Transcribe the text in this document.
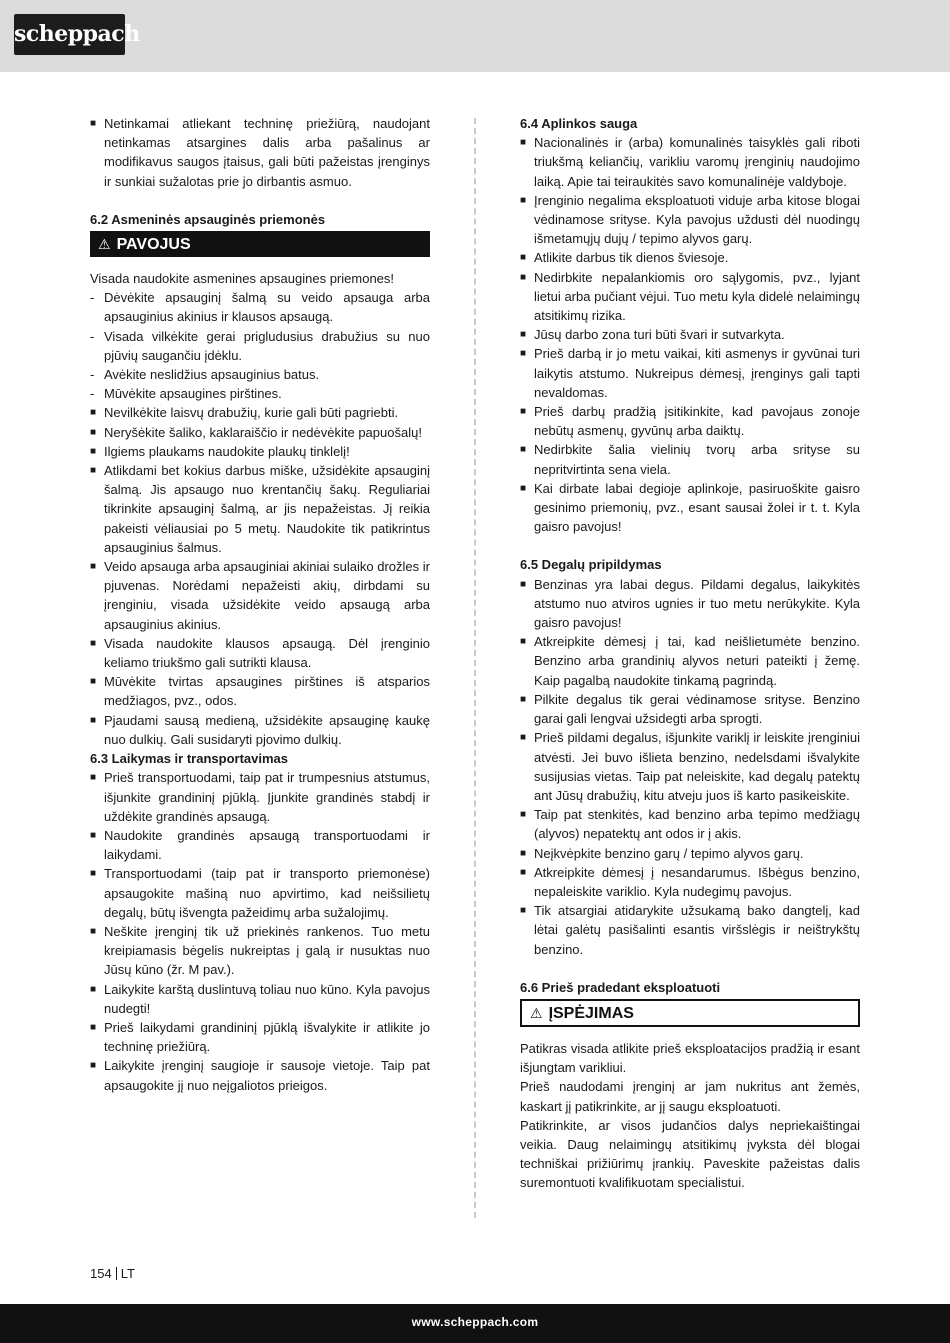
scheppach
■ Netinkamai atliekant techninę priežiūrą, naudojant netinkamas atsargines dalis arba pašalinus ar modifikavus saugos įtaisus, gali būti pažeistas įrenginys ir sunkiai sužalotas prie jo dirbantis asmuo.
6.2 Asmeninės apsauginės priemonės
⚠ PAVOJUS

Visada naudokite asmenines apsaugines priemones!

- Dėvėkite apsauginį šalmą su veido apsauga arba apsauginius akinius ir klausos apsaugą.
- Visada vilkėkite gerai prigludusius drabužius su nuo pjūvių saugančiu įdėklu.
- Avėkite neslidžius apsauginius batus.
- Mūvėkite apsaugines pirštines.
■ Nevilkėkite laisvų drabužių, kurie gali būti pagriebti.
■ Neryšėkite šaliko, kaklaraiščio ir nedėvėkite papuošalų!
■ Ilgiems plaukams naudokite plaukų tinklelį!
■ Atlikdami bet kokius darbus miške, užsidėkite apsauginį šalmą. Jis apsaugo nuo krentančių šakų. Reguliariai tikrinkite apsauginį šalmą, ar jis nepažeistas. Jį reikia pakeisti vėliausiai po 5 metų. Naudokite tik patikrintus apsauginius šalmus.
■ Veido apsauga arba apsauginiai akiniai sulaiko drožles ir pjuvenas. Norėdami nepažeisti akių, dirbdami su įrenginiu, visada užsidėkite veido apsaugą arba apsauginius akinius.
■ Visada naudokite klausos apsaugą. Dėl įrenginio keliamo triukšmo gali sutrikti klausa.
■ Mūvėkite tvirtas apsaugines pirštines iš atsparios medžiagos, pvz., odos.
■ Pjaudami sausą medieną, užsidėkite apsauginę kaukę nuo dulkių. Gali susidaryti pjovimo dulkių.
6.3 Laikymas ir transportavimas
■ Prieš transportuodami, taip pat ir trumpesnius atstumus, išjunkite grandininį pjūklą. Įjunkite grandinės stabdį ir uždėkite grandinės apsaugą.
■ Naudokite grandinės apsaugą transportuodami ir laikydami.
■ Transportuodami (taip pat ir transporto priemonėse) apsaugokite mašiną nuo apvirtimo, kad neišsilietų degalų, būtų išvengta pažeidimų arba sužalojimų.
■ Neškite įrenginį tik už priekinės rankenos. Tuo metu kreipiamasis bėgelis nukreiptas į galą ir nusuktas nuo Jūsų kūno (žr. M pav.).
■ Laikykite karštą duslintuvą toliau nuo kūno. Kyla pavojus nudegti!
■ Prieš laikydami grandininį pjūklą išvalykite ir atlikite jo techninę priežiūrą.
■ Laikykite įrenginį saugioje ir sausoje vietoje. Taip pat apsaugokite jį nuo neįgaliotos prieigos.
6.4 Aplinkos sauga
■ Nacionalinės ir (arba) komunalinės taisyklės gali riboti triukšmą keliančių, varikliu varomų įrenginių naudojimo laiką. Apie tai teiraukitės savo komunalinėje valdyboje.
■ Įrenginio negalima eksploatuoti viduje arba kitose blogai vėdinamose srityse. Kyla pavojus uždusti dėl nuodingų išmetamųjų dujų / tepimo alyvos garų.
■ Atlikite darbus tik dienos šviesoje.
■ Nedirbkite nepalankiomis oro sąlygomis, pvz., lyjant lietui arba pučiant vėjui. Tuo metu kyla didelė nelaimingų atsitikimų rizika.
■ Jūsų darbo zona turi būti švari ir sutvarkyta.
■ Prieš darbą ir jo metu vaikai, kiti asmenys ir gyvūnai turi laikytis atstumo. Nukreipus dėmesį, įrenginys gali tapti nevaldomas.
■ Prieš darbų pradžią įsitikinkite, kad pavojaus zonoje nebūtų asmenų, gyvūnų arba daiktų.
■ Nedirbkite šalia vielinių tvorų arba srityse su nepritvirtinta sena viela.
■ Kai dirbate labai degioje aplinkoje, pasiruoškite gaisro gesinimo priemonių, pvz., esant sausai žolei ir t. t. Kyla gaisro pavojus!
6.5 Degalų pripildymas
■ Benzinas yra labai degus. Pildami degalus, laikykitės atstumo nuo atviros ugnies ir tuo metu nerūkykite. Kyla gaisro pavojus!
■ Atkreipkite dėmesį į tai, kad neišlietumėte benzino. Benzino arba grandinių alyvos neturi pateikti į žemę. Kaip pagalbą naudokite tinkamą pagrindą.
■ Pilkite degalus tik gerai vėdinamose srityse. Benzino garai gali lengvai užsidegti arba sprogti.
■ Prieš pildami degalus, išjunkite variklį ir leiskite įrenginiui atvėsti. Jei buvo išlieta benzino, nedelsdami išvalykite susijusias vietas. Taip pat neleiskite, kad degalų patektų ant Jūsų drabužių, kitu atveju juos iš karto pasikeiskite.
■ Taip pat stenkitės, kad benzino arba tepimo medžiagų (alyvos) nepatektų ant odos ir į akis.
■ Neįkvėpkite benzino garų / tepimo alyvos garų.
■ Atkreipkite dėmesį į nesandarumus. Išbėgus benzino, nepaleiskite variklio. Kyla nudegimų pavojus.
■ Tik atsargiai atidarykite užsukamą bako dangtelį, kad lėtai galėtų pasišalinti esantis viršslėgis ir neištrykštų benzino.
6.6 Prieš pradedant eksploatuoti
⚠ ĮSPĖJIMAS

Patikras visada atlikite prieš eksploatacijos pradžią ir esant išjungtam varikliui.

Prieš naudodami įrenginį ar jam nukritus ant žemės, kaskart jį patikrinkite, ar jį saugu eksploatuoti.

Patikrinkite, ar visos judančios dalys nepriekaištingai veikia. Daug nelaimingų atsitikimų įvyksta dėl blogai techniškai prižiūrimų įrankių. Paveskite pažeistas dalis suremontuoti kvalifikuotam specialistui.

154 LT
www.scheppach.com
